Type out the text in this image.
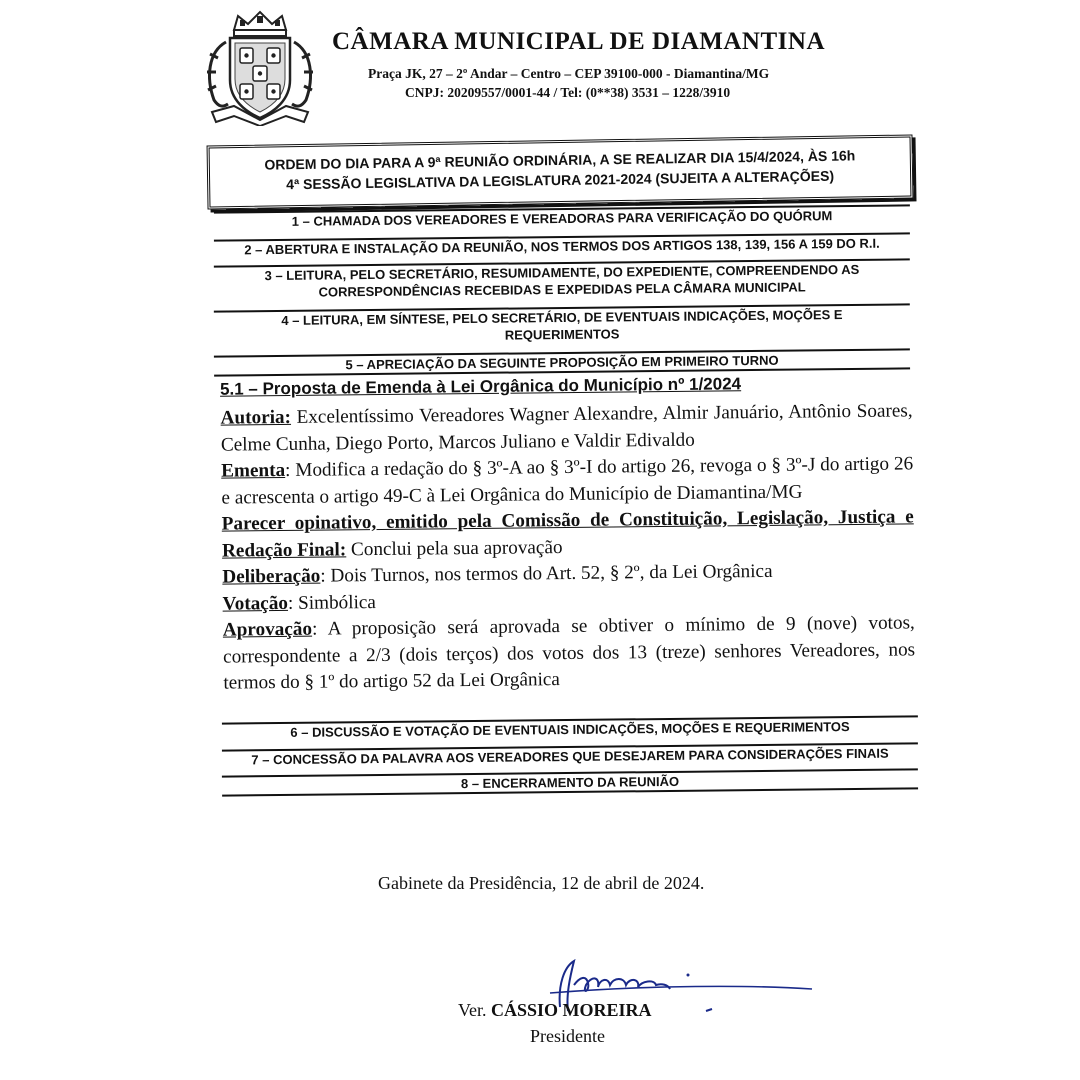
CÂMARA MUNICIPAL DE DIAMANTINA
Praça JK, 27 – 2º Andar – Centro – CEP 39100-000 - Diamantina/MG
CNPJ: 20209557/0001-44 / Tel: (0**38) 3531 – 1228/3910
ORDEM DO DIA PARA A 9ª REUNIÃO ORDINÁRIA, A SE REALIZAR DIA 15/4/2024, ÀS 16h
4ª SESSÃO LEGISLATIVA DA LEGISLATURA 2021-2024 (SUJEITA A ALTERAÇÕES)
1 – CHAMADA DOS VEREADORES E VEREADORAS PARA VERIFICAÇÃO DO QUÓRUM
2 – ABERTURA E INSTALAÇÃO DA REUNIÃO, NOS TERMOS DOS ARTIGOS 138, 139, 156 A 159 DO R.I.
3 – LEITURA, PELO SECRETÁRIO, RESUMIDAMENTE, DO EXPEDIENTE, COMPREENDENDO AS
CORRESPONDÊNCIAS RECEBIDAS E EXPEDIDAS PELA CÂMARA MUNICIPAL
4 – LEITURA, EM SÍNTESE, PELO SECRETÁRIO, DE EVENTUAIS INDICAÇÕES, MOÇÕES E
REQUERIMENTOS
5 – APRECIAÇÃO DA SEGUINTE PROPOSIÇÃO EM PRIMEIRO TURNO
5.1 – Proposta de Emenda à Lei Orgânica do Município nº 1/2024

Autoria: Excelentíssimo Vereadores Wagner Alexandre, Almir Januário, Antônio Soares, Celme Cunha, Diego Porto, Marcos Juliano e Valdir Edivaldo

Ementa: Modifica a redação do § 3º-A ao § 3º-I do artigo 26, revoga o § 3º-J do artigo 26 e acrescenta o artigo 49-C à Lei Orgânica do Município de Diamantina/MG

Parecer opinativo, emitido pela Comissão de Constituição, Legislação, Justiça e Redação Final: Conclui pela sua aprovação

Deliberação: Dois Turnos, nos termos do Art. 52, § 2º, da Lei Orgânica

Votação: Simbólica

Aprovação: A proposição será aprovada se obtiver o mínimo de 9 (nove) votos, correspondente a 2/3 (dois terços) dos votos dos 13 (treze) senhores Vereadores, nos termos do § 1º do artigo 52 da Lei Orgânica

6 – DISCUSSÃO E VOTAÇÃO DE EVENTUAIS INDICAÇÕES, MOÇÕES E REQUERIMENTOS
7 – CONCESSÃO DA PALAVRA AOS VEREADORES QUE DESEJAREM PARA CONSIDERAÇÕES FINAIS
8 – ENCERRAMENTO DA REUNIÃO
Gabinete da Presidência, 12 de abril de 2024.
Ver. CÁSSIO MOREIRA
Presidente
